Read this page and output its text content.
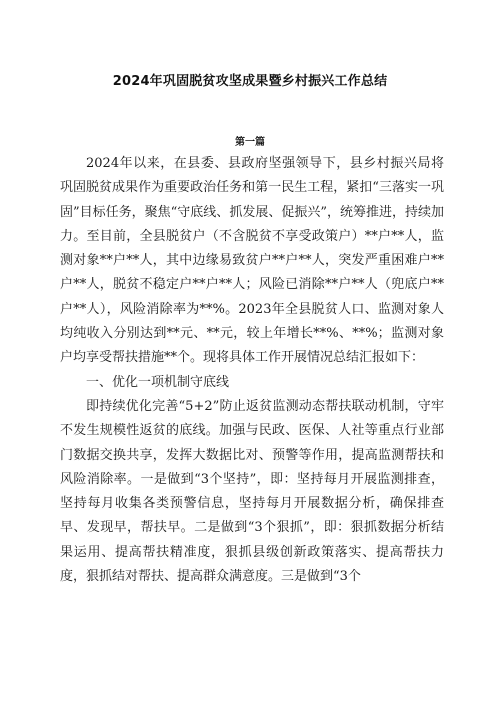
2024年巩固脱贫攻坚成果暨乡村振兴工作总结
第一篇

2024年以来，在县委、县政府坚强领导下，县乡村振兴局将巩固脱贫成果作为重要政治任务和第一民生工程，紧扣“三落实一巩固”目标任务，聚焦“守底线、抓发展、促振兴”，统筹推进，持续加力。至目前，全县脱贫户（不含脱贫不享受政策户）**户**人，监测对象**户**人，其中边缘易致贫户**户**人，突发严重困难户**户**人，脱贫不稳定户**户**人；风险已消除**户**人（兜底户**户**人），风险消除率为**%。2023年全县脱贫人口、监测对象人均纯收入分别达到**元、**元，较上年增长**%、**%；监测对象户均享受帮扶措施**个。现将具体工作开展情况总结汇报如下：

一、优化一项机制守底线

即持续优化完善“5+2”防止返贫监测动态帮扶联动机制，守牢不发生规模性返贫的底线。加强与民政、医保、人社等重点行业部门数据交换共享，发挥大数据比对、预警等作用，提高监测帮扶和风险消除率。一是做到“3个坚持”，即：坚持每月开展监测排查，坚持每月收集各类预警信息，坚持每月开展数据分析，确保排查早、发现早，帮扶早。二是做到“3个狠抓”，即：狠抓数据分析结果运用、提高帮扶精准度，狠抓县级创新政策落实、提高帮扶力度，狠抓结对帮扶、提高群众满意度。三是做到“3个
